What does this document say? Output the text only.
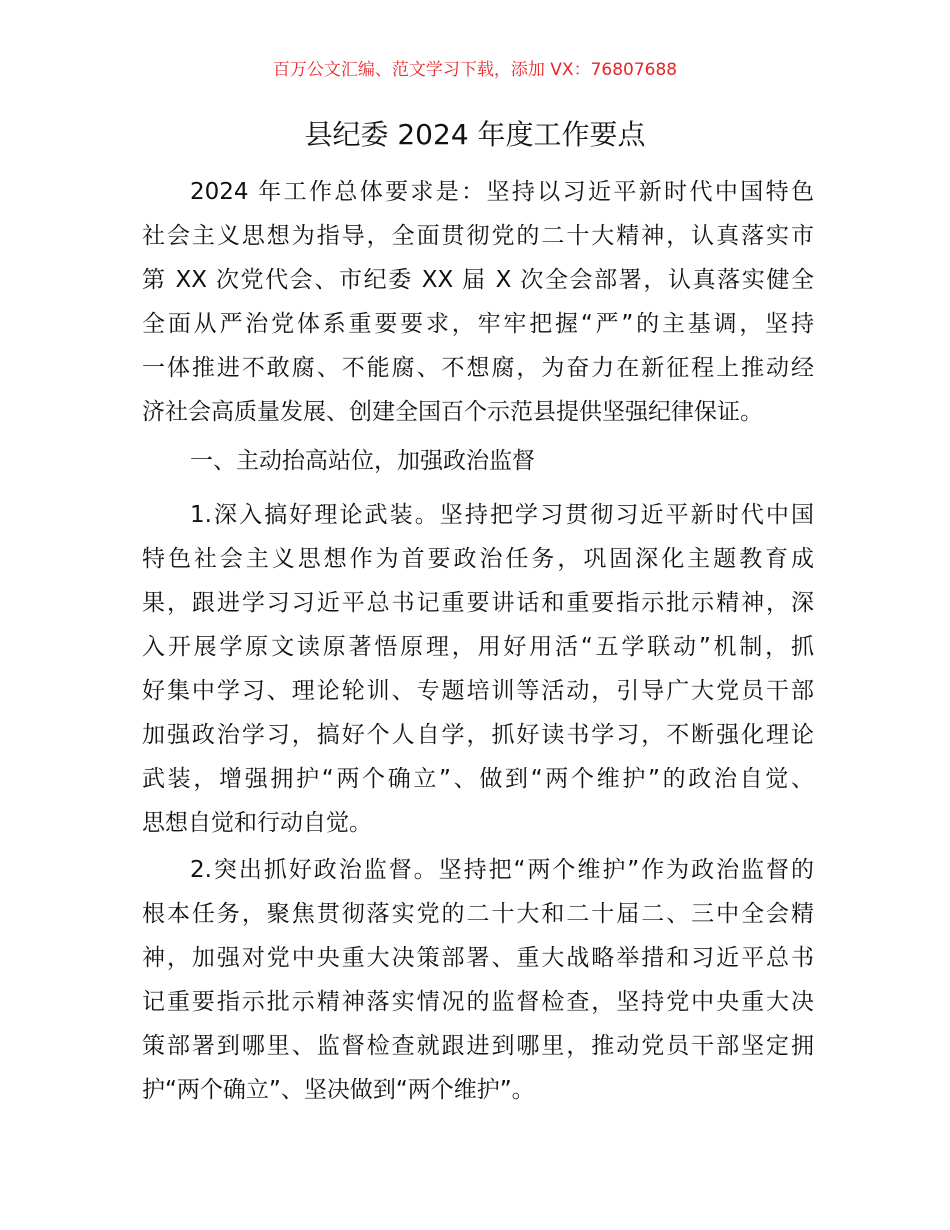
百万公文汇编、范文学习下载，添加 VX：76807688
县纪委 2024 年度工作要点
2024 年工作总体要求是：坚持以习近平新时代中国特色
社会主义思想为指导，全面贯彻党的二十大精神，认真落实市
第 XX 次党代会、市纪委 XX 届 X 次全会部署，认真落实健全
全面从严治党体系重要要求，牢牢把握“严”的主基调，坚持
一体推进不敢腐、不能腐、不想腐，为奋力在新征程上推动经
济社会高质量发展、创建全国百个示范县提供坚强纪律保证。
一、主动抬高站位，加强政治监督
1.深入搞好理论武装。坚持把学习贯彻习近平新时代中国
特色社会主义思想作为首要政治任务，巩固深化主题教育成
果，跟进学习习近平总书记重要讲话和重要指示批示精神，深
入开展学原文读原著悟原理，用好用活“五学联动”机制，抓
好集中学习、理论轮训、专题培训等活动，引导广大党员干部
加强政治学习，搞好个人自学，抓好读书学习，不断强化理论
武装，增强拥护“两个确立”、做到“两个维护”的政治自觉、
思想自觉和行动自觉。
2.突出抓好政治监督。坚持把“两个维护”作为政治监督的
根本任务，聚焦贯彻落实党的二十大和二十届二、三中全会精
神，加强对党中央重大决策部署、重大战略举措和习近平总书
记重要指示批示精神落实情况的监督检查，坚持党中央重大决
策部署到哪里、监督检查就跟进到哪里，推动党员干部坚定拥
护“两个确立”、坚决做到“两个维护”。
